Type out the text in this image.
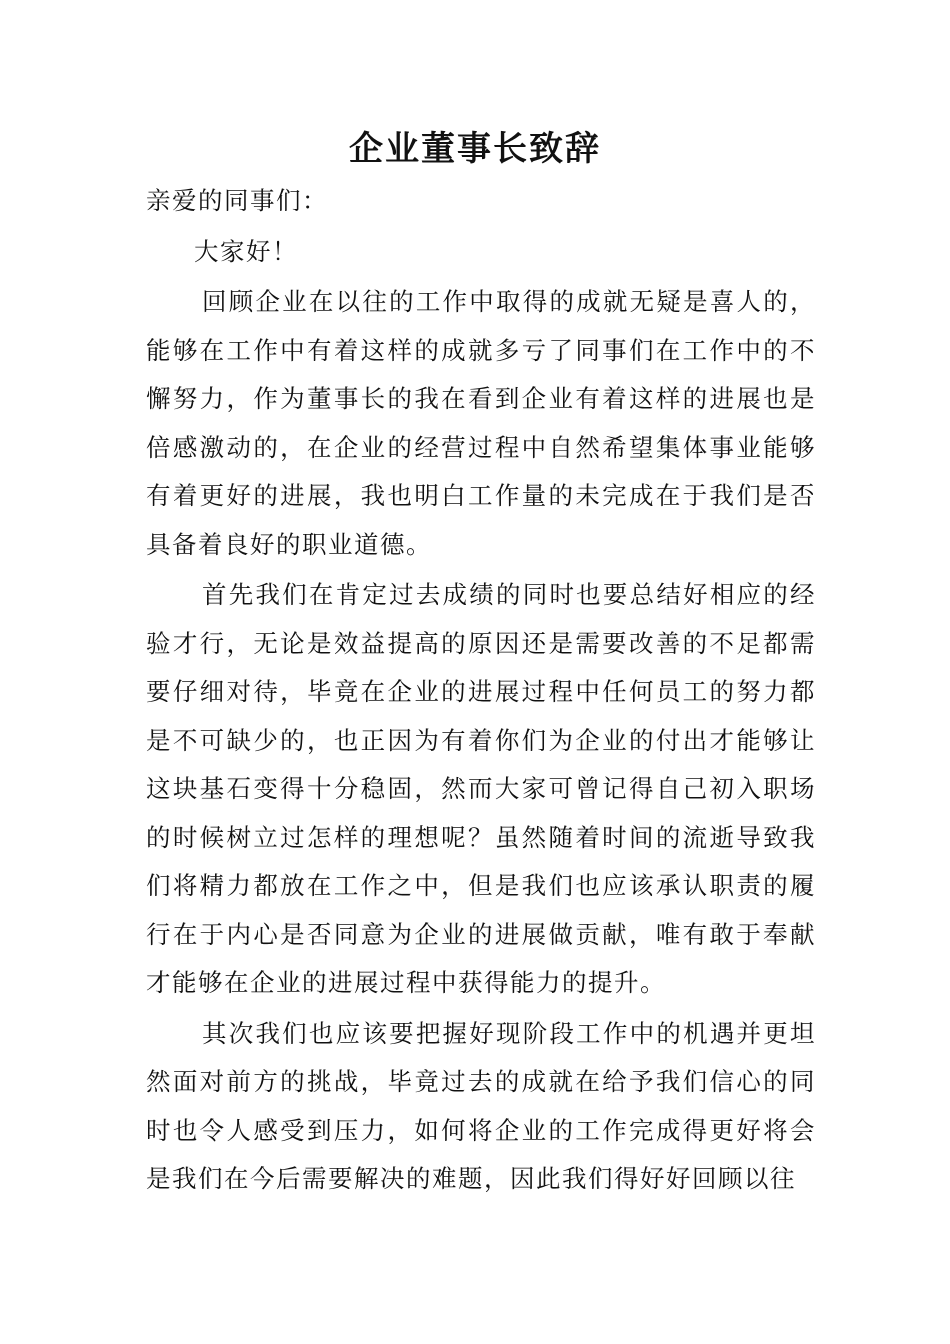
企业董事长致辞

亲爱的同事们：

大家好！

回顾企业在以往的工作中取得的成就无疑是喜人的，能够在工作中有着这样的成就多亏了同事们在工作中的不懈努力，作为董事长的我在看到企业有着这样的进展也是倍感激动的，在企业的经营过程中自然希望集体事业能够有着更好的进展，我也明白工作量的未完成在于我们是否具备着良好的职业道德。

首先我们在肯定过去成绩的同时也要总结好相应的经验才行，无论是效益提高的原因还是需要改善的不足都需要仔细对待，毕竟在企业的进展过程中任何员工的努力都是不可缺少的，也正因为有着你们为企业的付出才能够让这块基石变得十分稳固，然而大家可曾记得自己初入职场的时候树立过怎样的理想呢？虽然随着时间的流逝导致我们将精力都放在工作之中，但是我们也应该承认职责的履行在于内心是否同意为企业的进展做贡献，唯有敢于奉献才能够在企业的进展过程中获得能力的提升。

其次我们也应该要把握好现阶段工作中的机遇并更坦然面对前方的挑战，毕竟过去的成就在给予我们信心的同时也令人感受到压力，如何将企业的工作完成得更好将会是我们在今后需要解决的难题，因此我们得好好回顾以往
